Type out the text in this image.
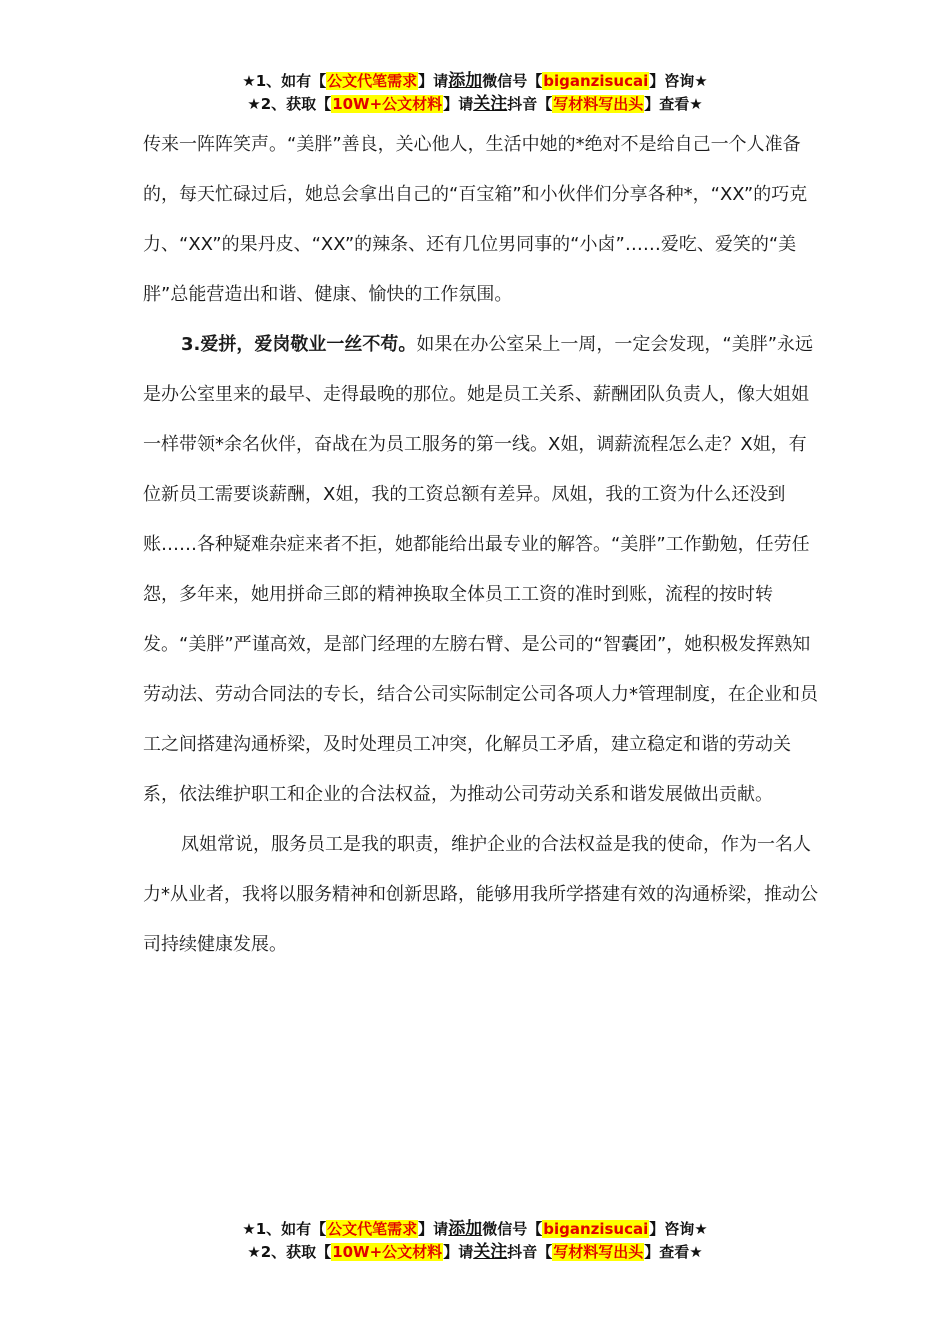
★1、如有【公文代笔需求】请添加微信号【biganzisucai】咨询★
★2、获取【10W+公文材料】请关注抖音【写材料写出头】查看★

传来一阵阵笑声。“美胖”善良，关心他人，生活中她的*绝对不是给自己一个人准备的，每天忙碌过后，她总会拿出自己的“百宝箱”和小伙伴们分享各种*，“XX”的巧克力、“XX”的果丹皮、“XX”的辣条、还有几位男同事的“小卤”……爱吃、爱笑的“美胖”总能营造出和谐、健康、愉快的工作氛围。

3.爱拼，爱岗敬业一丝不苟。如果在办公室呆上一周，一定会发现，“美胖”永远是办公室里来的最早、走得最晚的那位。她是员工关系、薪酬团队负责人，像大姐姐一样带领*余名伙伴，奋战在为员工服务的第一线。X姐，调薪流程怎么走？X姐，有位新员工需要谈薪酬，X姐，我的工资总额有差异。凤姐，我的工资为什么还没到账……各种疑难杂症来者不拒，她都能给出最专业的解答。“美胖”工作勤勉，任劳任怨，多年来，她用拼命三郎的精神换取全体员工工资的准时到账，流程的按时转发。“美胖”严谨高效，是部门经理的左膀右臂、是公司的“智囊团”，她积极发挥熟知劳动法、劳动合同法的专长，结合公司实际制定公司各项人力*管理制度，在企业和员工之间搭建沟通桥梁，及时处理员工冲突，化解员工矛盾，建立稳定和谐的劳动关系，依法维护职工和企业的合法权益，为推动公司劳动关系和谐发展做出贡献。

凤姐常说，服务员工是我的职责，维护企业的合法权益是我的使命，作为一名人力*从业者，我将以服务精神和创新思路，能够用我所学搭建有效的沟通桥梁，推动公司持续健康发展。

★1、如有【公文代笔需求】请添加微信号【biganzisucai】咨询★
★2、获取【10W+公文材料】请关注抖音【写材料写出头】查看★
